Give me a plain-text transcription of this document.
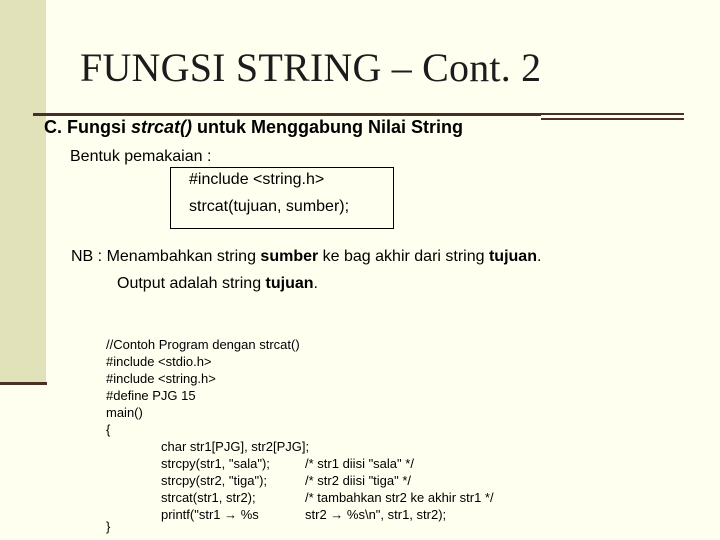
FUNGSI STRING – Cont. 2
C. Fungsi strcat() untuk Menggabung Nilai String
Bentuk pemakaian :
#include <string.h>
strcat(tujuan, sumber);
NB : Menambahkan string sumber ke bag akhir dari string tujuan.
Output adalah string tujuan.
//Contoh Program dengan strcat()
#include <stdio.h>
#include <string.h>
#define PJG 15
main()
{
char str1[PJG], str2[PJG];
strcpy(str1, "sala");	/* str1 diisi "sala" */
strcpy(str2, "tiga");	/* str2 diisi "tiga" */
strcat(str1, str2);	/* tambahkan str2 ke akhir str1 */
printf("str1 → %s	str2 → %s\n", str1, str2);
}
